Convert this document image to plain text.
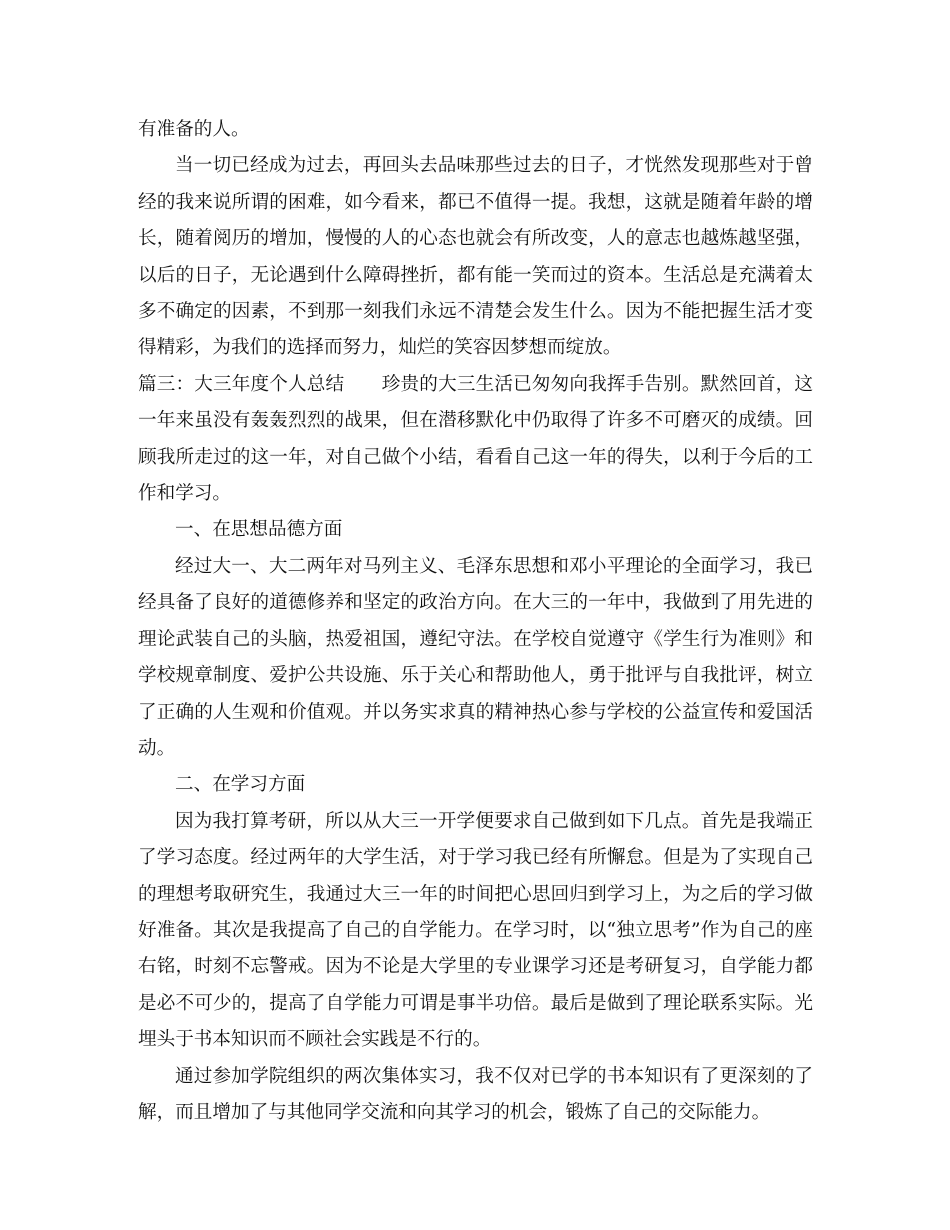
有准备的人。

当一切已经成为过去，再回头去品味那些过去的日子，才恍然发现那些对于曾经的我来说所谓的困难，如今看来，都已不值得一提。我想，这就是随着年龄的增长，随着阅历的增加，慢慢的人的心态也就会有所改变，人的意志也越炼越坚强，以后的日子，无论遇到什么障碍挫折，都有能一笑而过的资本。生活总是充满着太多不确定的因素，不到那一刻我们永远不清楚会发生什么。因为不能把握生活才变得精彩，为我们的选择而努力，灿烂的笑容因梦想而绽放。

篇三：大三年度个人总结　　珍贵的大三生活已匆匆向我挥手告别。默然回首，这一年来虽没有轰轰烈烈的战果，但在潜移默化中仍取得了许多不可磨灭的成绩。回顾我所走过的这一年，对自己做个小结，看看自己这一年的得失，以利于今后的工作和学习。

一、在思想品德方面

经过大一、大二两年对马列主义、毛泽东思想和邓小平理论的全面学习，我已经具备了良好的道德修养和坚定的政治方向。在大三的一年中，我做到了用先进的理论武装自己的头脑，热爱祖国，遵纪守法。在学校自觉遵守《学生行为准则》和学校规章制度、爱护公共设施、乐于关心和帮助他人，勇于批评与自我批评，树立了正确的人生观和价值观。并以务实求真的精神热心参与学校的公益宣传和爱国活动。

二、在学习方面

因为我打算考研，所以从大三一开学便要求自己做到如下几点。首先是我端正了学习态度。经过两年的大学生活，对于学习我已经有所懈怠。但是为了实现自己的理想考取研究生，我通过大三一年的时间把心思回归到学习上，为之后的学习做好准备。其次是我提高了自己的自学能力。在学习时，以“独立思考”作为自己的座右铭，时刻不忘警戒。因为不论是大学里的专业课学习还是考研复习，自学能力都是必不可少的，提高了自学能力可谓是事半功倍。最后是做到了理论联系实际。光埋头于书本知识而不顾社会实践是不行的。

通过参加学院组织的两次集体实习，我不仅对已学的书本知识有了更深刻的了解，而且增加了与其他同学交流和向其学习的机会，锻炼了自己的交际能力。
